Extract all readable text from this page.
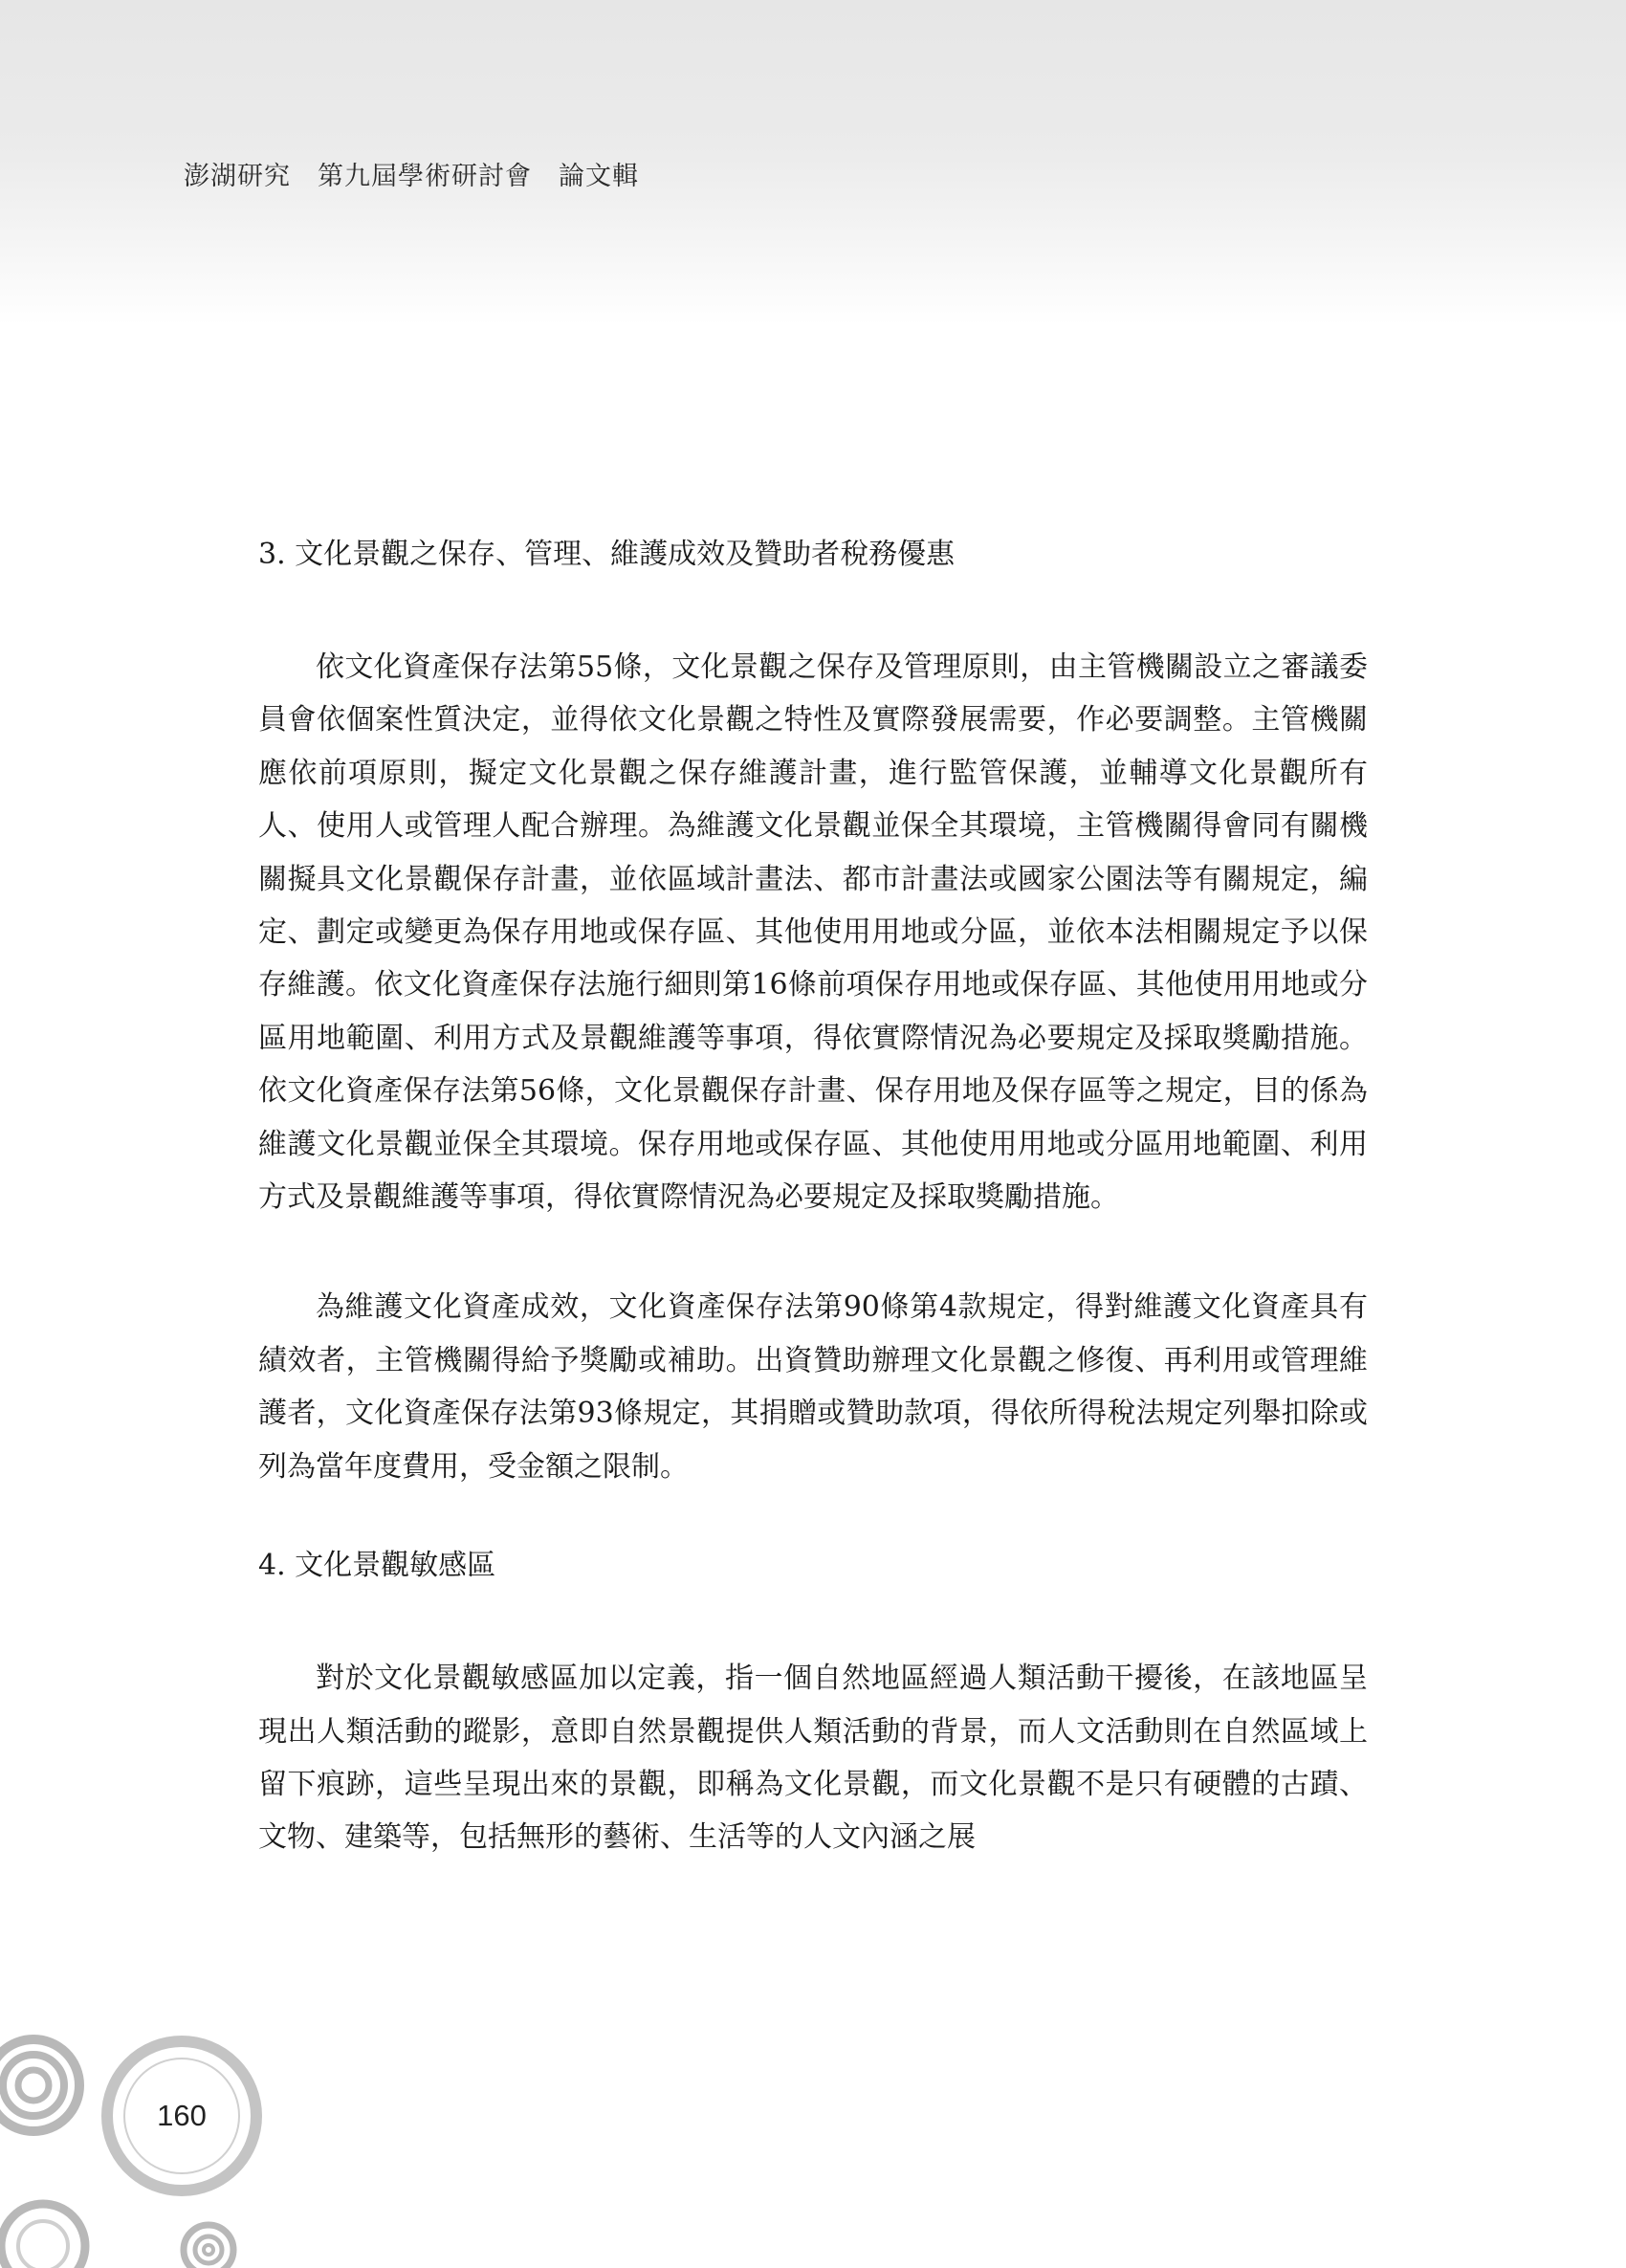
澎湖研究　第九屆學術研討會　論文輯
3. 文化景觀之保存、管理、維護成效及贊助者稅務優惠

依文化資產保存法第55條，文化景觀之保存及管理原則，由主管機關設立之審議委員會依個案性質決定，並得依文化景觀之特性及實際發展需要，作必要調整。主管機關應依前項原則，擬定文化景觀之保存維護計畫，進行監管保護，並輔導文化景觀所有人、使用人或管理人配合辦理。為維護文化景觀並保全其環境，主管機關得會同有關機關擬具文化景觀保存計畫，並依區域計畫法、都市計畫法或國家公園法等有關規定，編定、劃定或變更為保存用地或保存區、其他使用用地或分區，並依本法相關規定予以保存維護。依文化資產保存法施行細則第16條前項保存用地或保存區、其他使用用地或分區用地範圍、利用方式及景觀維護等事項，得依實際情況為必要規定及採取獎勵措施。依文化資產保存法第56條，文化景觀保存計畫、保存用地及保存區等之規定，目的係為維護文化景觀並保全其環境。保存用地或保存區、其他使用用地或分區用地範圍、利用方式及景觀維護等事項，得依實際情況為必要規定及採取獎勵措施。

為維護文化資產成效，文化資產保存法第90條第4款規定，得對維護文化資產具有績效者，主管機關得給予獎勵或補助。出資贊助辦理文化景觀之修復、再利用或管理維護者，文化資產保存法第93條規定，其捐贈或贊助款項，得依所得稅法規定列舉扣除或列為當年度費用，受金額之限制。

4. 文化景觀敏感區

對於文化景觀敏感區加以定義，指一個自然地區經過人類活動干擾後，在該地區呈現出人類活動的蹤影，意即自然景觀提供人類活動的背景，而人文活動則在自然區域上留下痕跡，這些呈現出來的景觀，即稱為文化景觀，而文化景觀不是只有硬體的古蹟、文物、建築等，包括無形的藝術、生活等的人文內涵之展

160
